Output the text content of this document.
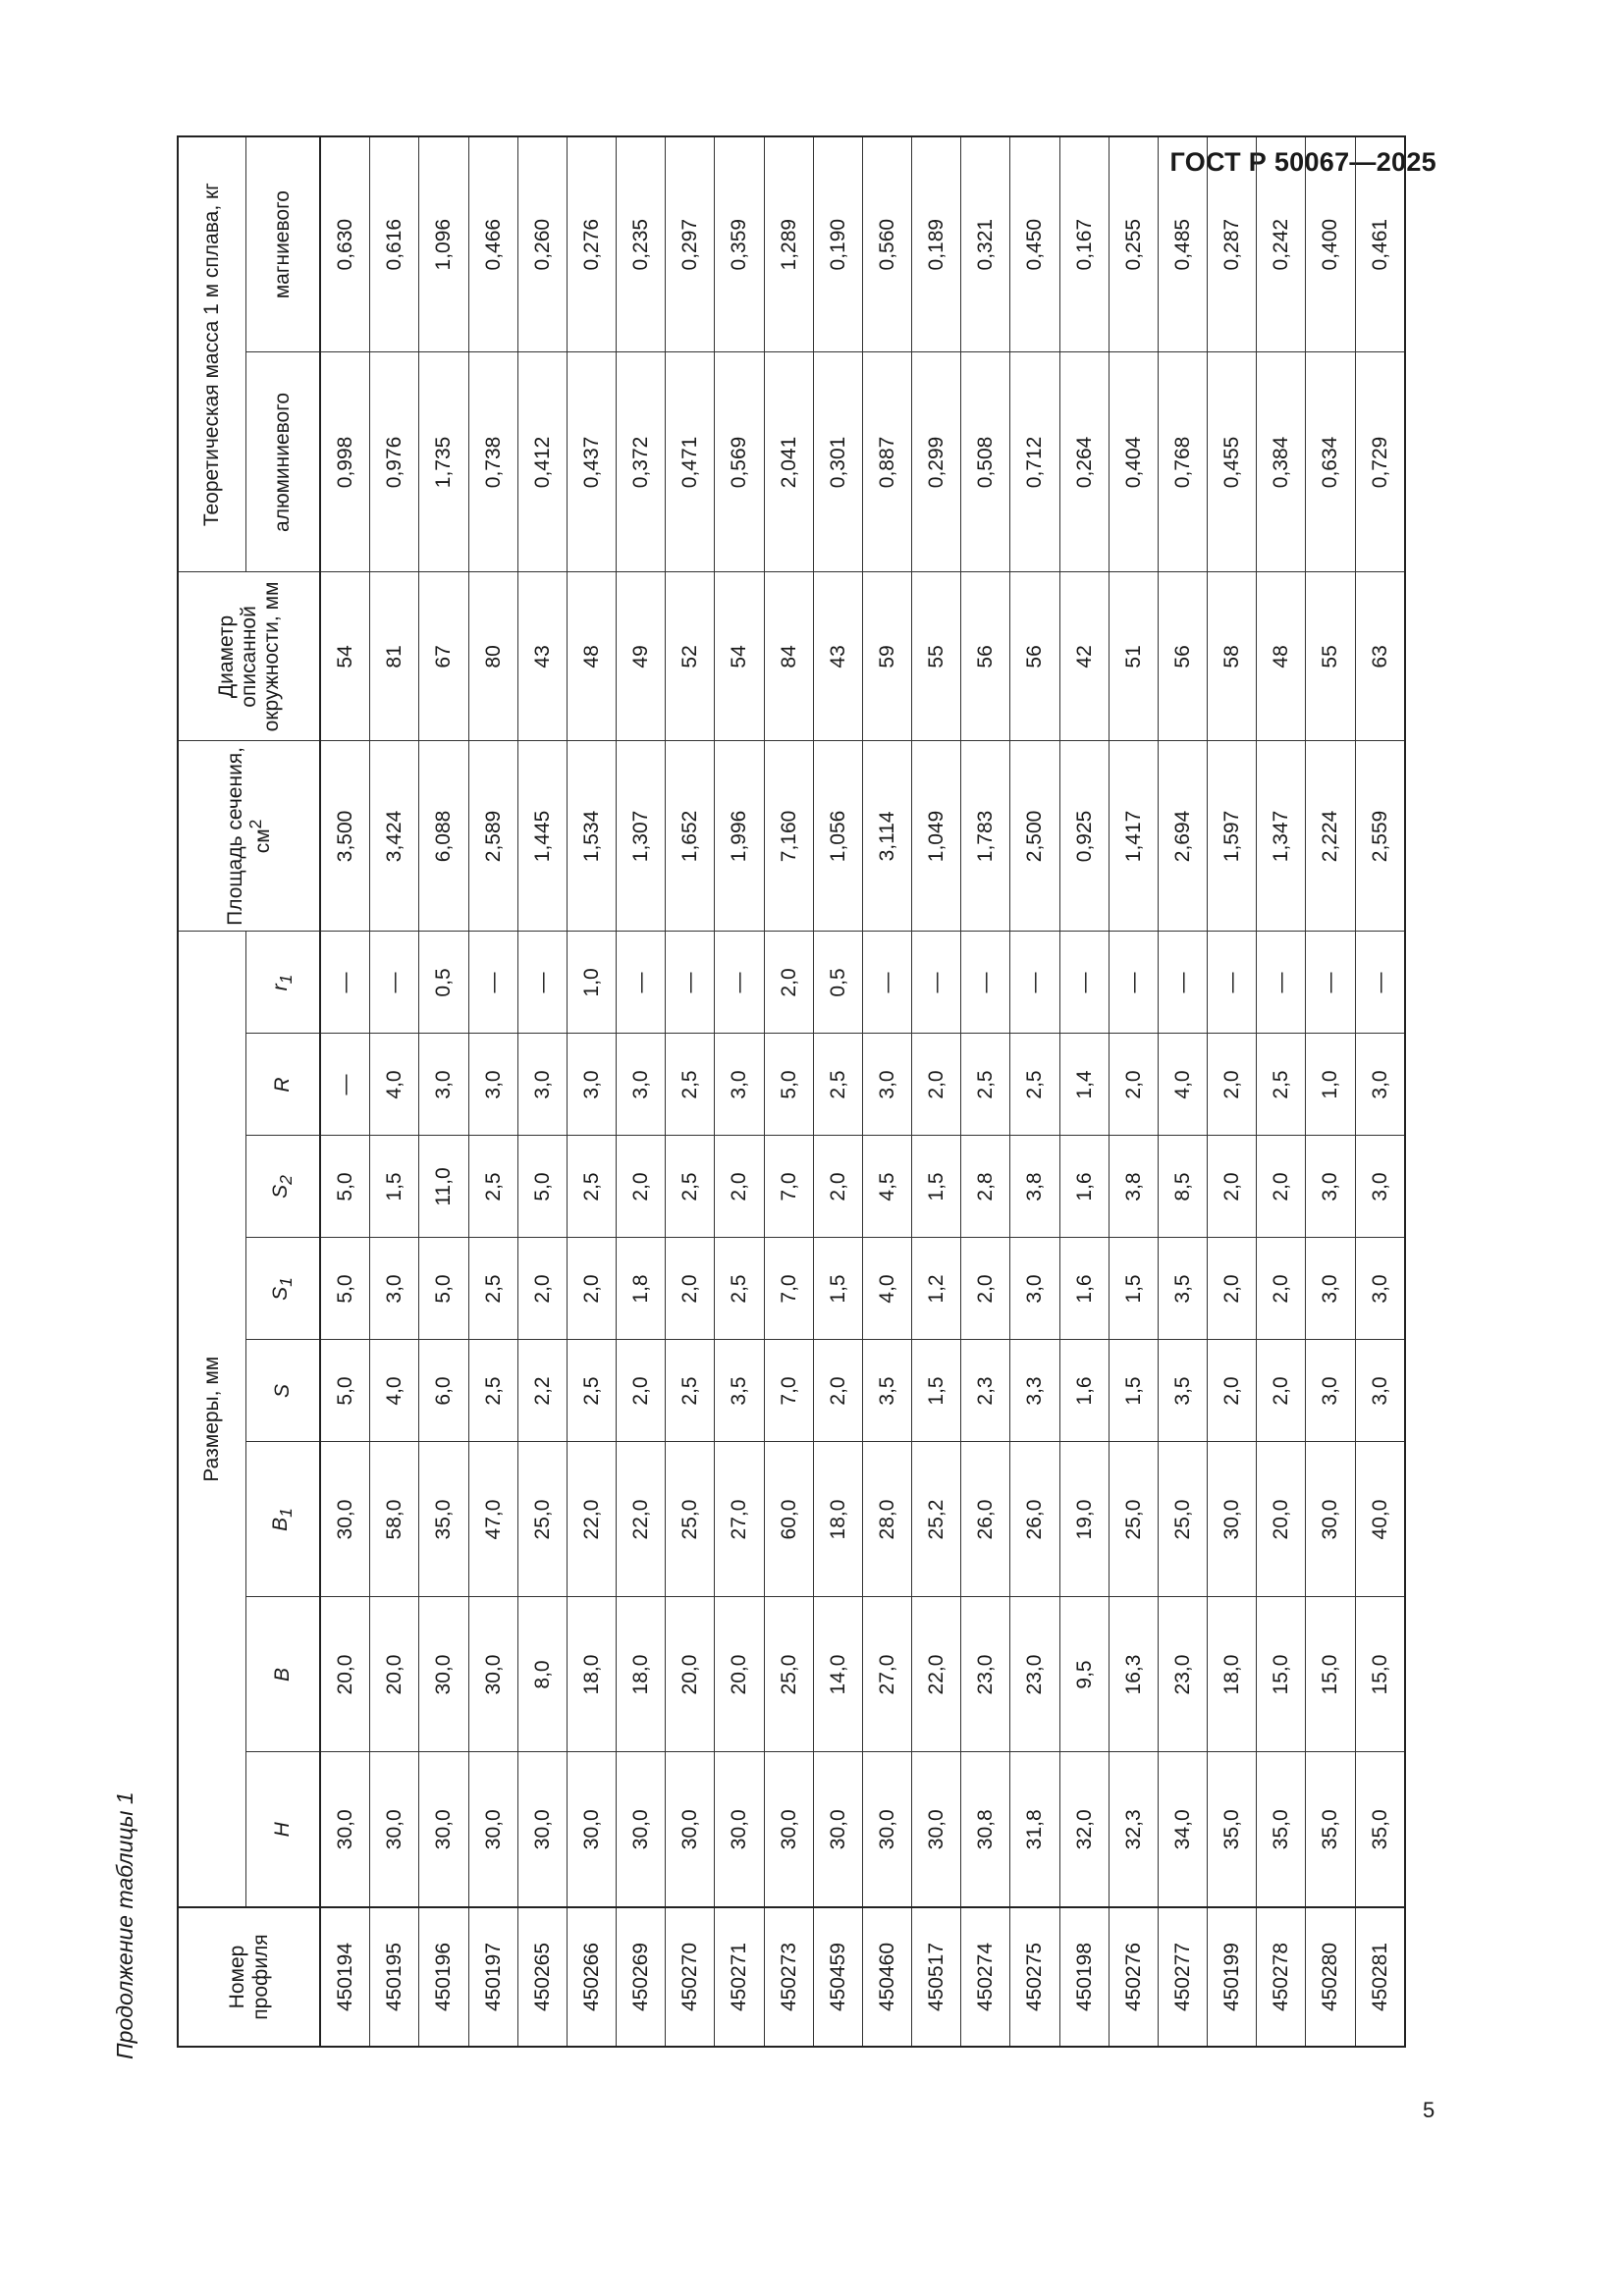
ГОСТ Р 50067—2025
Продолжение таблицы 1	Номер профиля	Размеры, мм								Площадь сечения, $см^2$	Диаметр описанной окружности, мм	Теоретическая масса 1 м сплава, кг	
	H	B	$B_1$	S	$S_1$	$S_2$	R	$r_1$			алюминиевого	магниевого
450194	30,0	20,0	30,0	5,0	5,0	5,0	—	—	3,500	54	0,998	0,630
450195	30,0	20,0	58,0	4,0	3,0	1,5	4,0	—	3,424	81	0,976	0,616
450196	30,0	30,0	35,0	6,0	5,0	11,0	3,0	0,5	6,088	67	1,735	1,096
450197	30,0	30,0	47,0	2,5	2,5	2,5	3,0	—	2,589	80	0,738	0,466
450265	30,0	8,0	25,0	2,2	2,0	5,0	3,0	—	1,445	43	0,412	0,260
450266	30,0	18,0	22,0	2,5	2,0	2,5	3,0	1,0	1,534	48	0,437	0,276
450269	30,0	18,0	22,0	2,0	1,8	2,0	3,0	—	1,307	49	0,372	0,235
450270	30,0	20,0	25,0	2,5	2,0	2,5	2,5	—	1,652	52	0,471	0,297
450271	30,0	20,0	27,0	3,5	2,5	2,0	3,0	—	1,996	54	0,569	0,359
450273	30,0	25,0	60,0	7,0	7,0	7,0	5,0	2,0	7,160	84	2,041	1,289
450459	30,0	14,0	18,0	2,0	1,5	2,0	2,5	0,5	1,056	43	0,301	0,190
450460	30,0	27,0	28,0	3,5	4,0	4,5	3,0	—	3,114	59	0,887	0,560
450517	30,0	22,0	25,2	1,5	1,2	1,5	2,0	—	1,049	55	0,299	0,189
450274	30,8	23,0	26,0	2,3	2,0	2,8	2,5	—	1,783	56	0,508	0,321
450275	31,8	23,0	26,0	3,3	3,0	3,8	2,5	—	2,500	56	0,712	0,450
450198	32,0	9,5	19,0	1,6	1,6	1,6	1,4	—	0,925	42	0,264	0,167
450276	32,3	16,3	25,0	1,5	1,5	3,8	2,0	—	1,417	51	0,404	0,255
450277	34,0	23,0	25,0	3,5	3,5	8,5	4,0	—	2,694	56	0,768	0,485
450199	35,0	18,0	30,0	2,0	2,0	2,0	2,0	—	1,597	58	0,455	0,287
450278	35,0	15,0	20,0	2,0	2,0	2,0	2,5	—	1,347	48	0,384	0,242
450280	35,0	15,0	30,0	3,0	3,0	3,0	1,0	—	2,224	55	0,634	0,400
450281	35,0	15,0	40,0	3,0	3,0	3,0	3,0	—	2,559	63	0,729	0,461
5
